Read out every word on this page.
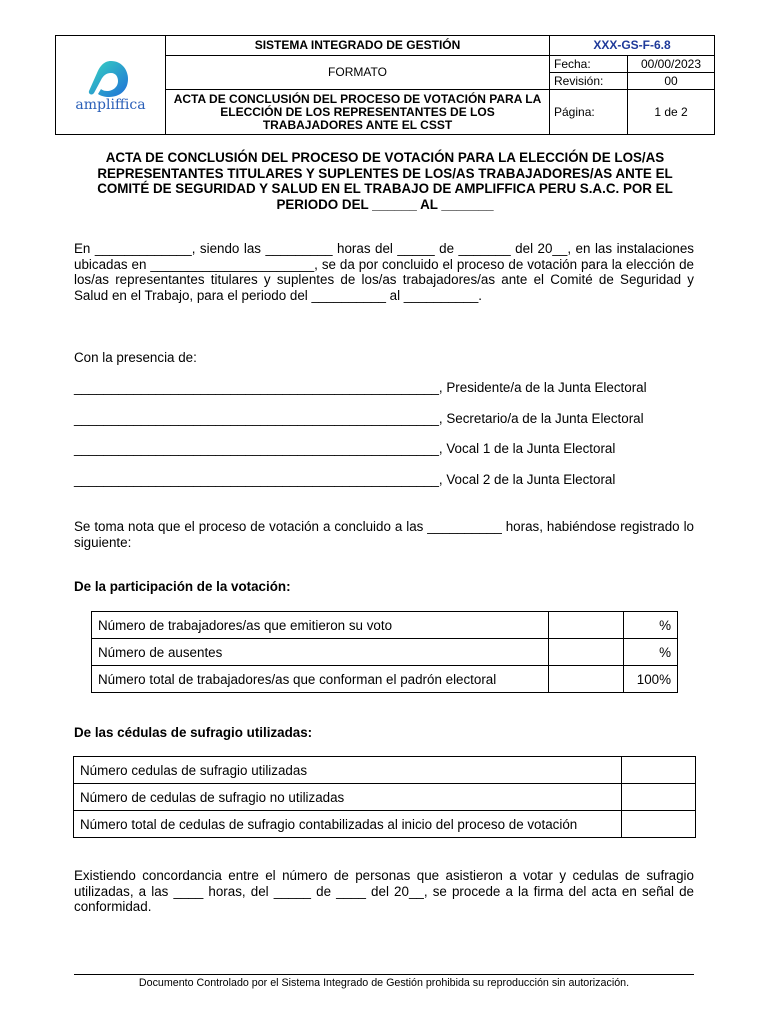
ampliffica	SISTEMA INTEGRADO DE GESTIÓN	XXX-GS-F-6.8	
	FORMATO	Fecha:	00/00/2023
		Revisión:	00
	ACTA DE CONCLUSIÓN DEL PROCESO DE VOTACIÓN PARA LA ELECCIÓN DE LOS REPRESENTANTES DE LOS TRABAJADORES ANTE EL CSST	Página:	1 de 2
ACTA DE CONCLUSIÓN DEL PROCESO DE VOTACIÓN PARA LA ELECCIÓN DE LOS/AS REPRESENTANTES TITULARES Y SUPLENTES DE LOS/AS TRABAJADORES/AS ANTE EL COMITÉ DE SEGURIDAD Y SALUD EN EL TRABAJO DE AMPLIFFICA PERU S.A.C. POR EL PERIODO DEL ______ AL _______
En _____________, siendo las _________ horas del _____ de _______ del 20__, en las instalaciones ubicadas en ______________________, se da por concluido el proceso de votación para la elección de los/as representantes titulares y suplentes de los/as trabajadores/as ante el Comité de Seguridad y Salud en el Trabajo, para el periodo del __________ al __________.
Con la presencia de:
_________________________________________________, Presidente/a de la Junta Electoral
_________________________________________________, Secretario/a de la Junta Electoral
_________________________________________________, Vocal 1 de la Junta Electoral
_________________________________________________, Vocal 2 de la Junta Electoral
Se toma nota que el proceso de votación a concluido a las __________ horas, habiéndose registrado lo siguiente:
De la participación de la votación:
Número de trabajadores/as que emitieron su voto		%
Número de ausentes		%
Número total de trabajadores/as que conforman el padrón electoral		100%
De las cédulas de sufragio utilizadas:
Número cedulas de sufragio utilizadas	
Número de cedulas de sufragio no utilizadas	
Número total de cedulas de sufragio contabilizadas al inicio del proceso de votación	
Existiendo concordancia entre el número de personas que asistieron a votar y cedulas de sufragio utilizadas, a las ____ horas, del _____ de ____ del 20__, se procede a la firma del acta en señal de conformidad.
Documento Controlado por el Sistema Integrado de Gestión prohibida su reproducción sin autorización.
